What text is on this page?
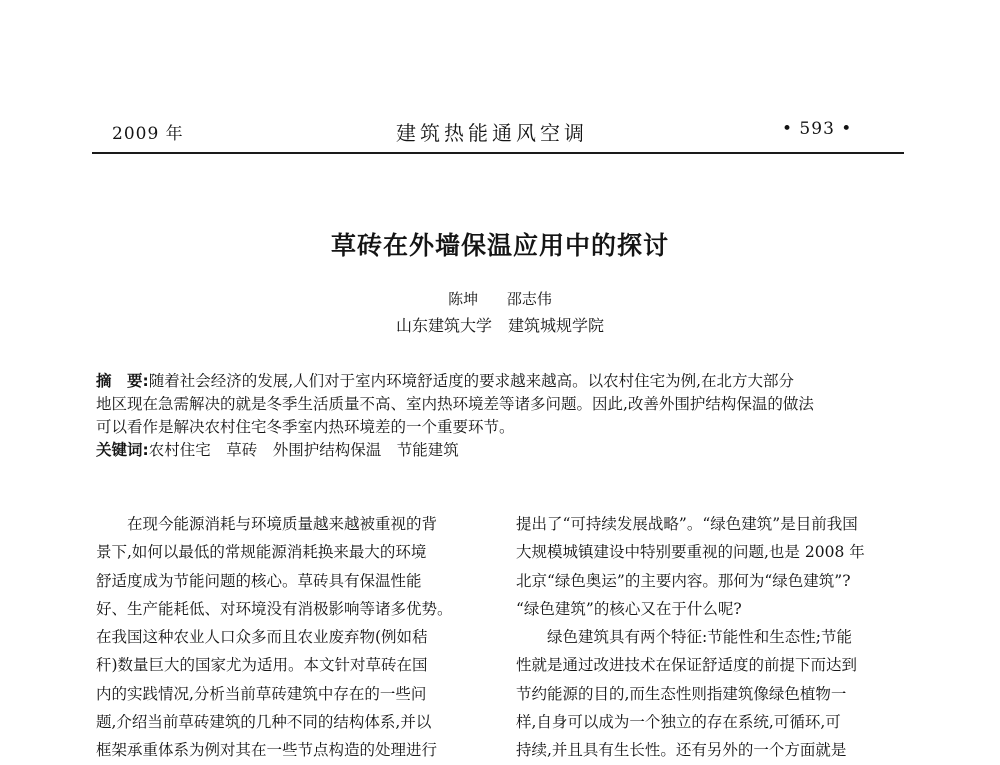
2009 年	建筑热能通风空调	• 593 •
草砖在外墙保温应用中的探讨
陈坤 邵志伟
山东建筑大学　建筑城规学院
摘　要:随着社会经济的发展,人们对于室内环境舒适度的要求越来越高。以农村住宅为例,在北方大部分
地区现在急需解决的就是冬季生活质量不高、室内热环境差等诸多问题。因此,改善外围护结构保温的做法
可以看作是解决农村住宅冬季室内热环境差的一个重要环节。
关键词:农村住宅　草砖　外围护结构保温　节能建筑
　　在现今能源消耗与环境质量越来越被重视的背
景下,如何以最低的常规能源消耗换来最大的环境
舒适度成为节能问题的核心。草砖具有保温性能
好、生产能耗低、对环境没有消极影响等诸多优势。
在我国这种农业人口众多而且农业废弃物(例如秸
秆)数量巨大的国家尤为适用。本文针对草砖在国
内的实践情况,分析当前草砖建筑中存在的一些问
题,介绍当前草砖建筑的几种不同的结构体系,并以
框架承重体系为例对其在一些节点构造的处理进行
提出了“可持续发展战略”。“绿色建筑”是目前我国
大规模城镇建设中特别要重视的问题,也是 2008 年
北京“绿色奥运”的主要内容。那何为“绿色建筑”?
“绿色建筑”的核心又在于什么呢?
　　绿色建筑具有两个特征:节能性和生态性;节能
性就是通过改进技术在保证舒适度的前提下而达到
节约能源的目的,而生态性则指建筑像绿色植物一
样,自身可以成为一个独立的存在系统,可循环,可
持续,并且具有生长性。还有另外的一个方面就是
